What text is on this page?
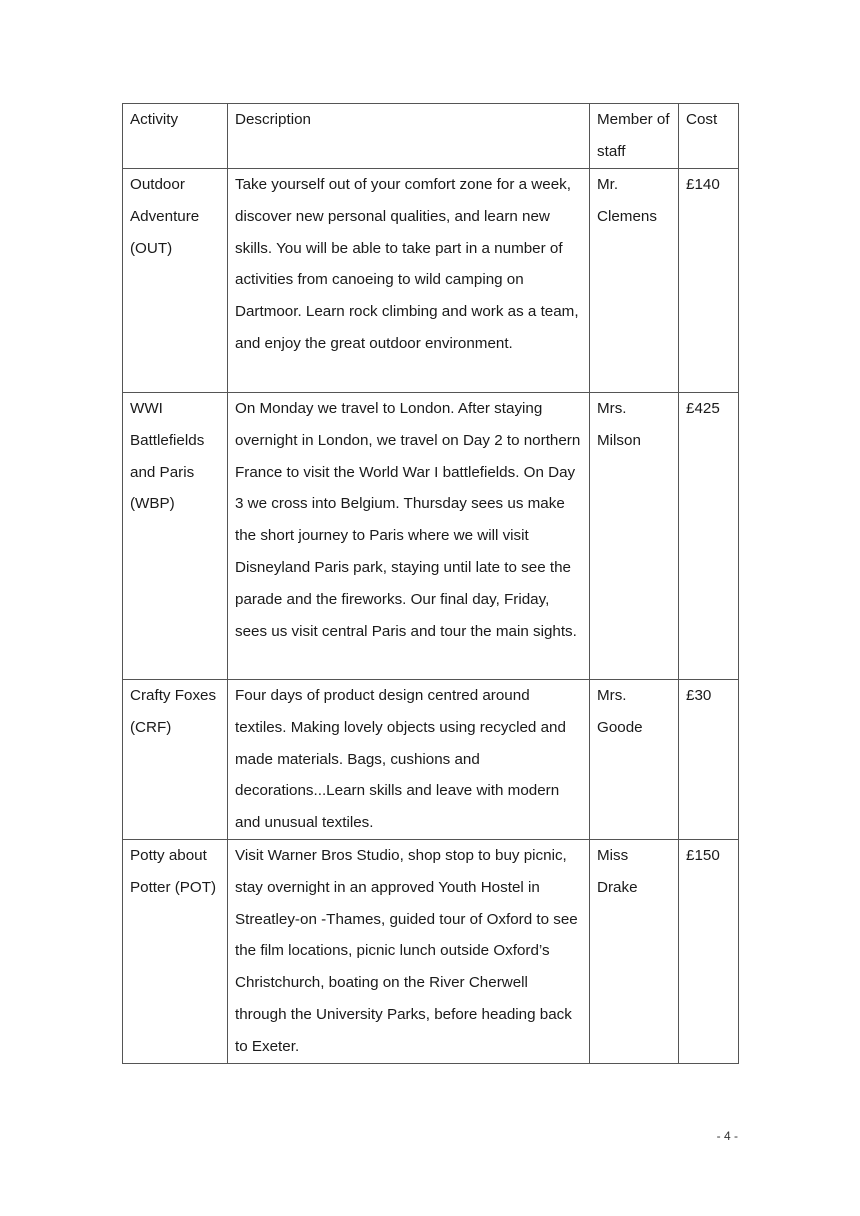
Activity	Description	Member of staff	Cost
Outdoor Adventure (OUT)	Take yourself out of your comfort zone for a week, discover new personal qualities, and learn new skills. You will be able to take part in a number of activities from canoeing to wild camping on Dartmoor. Learn rock climbing and work as a team, and enjoy the great outdoor environment.	Mr. Clemens	£140
WWI Battlefields and Paris (WBP)	On Monday we travel to London. After staying overnight in London, we travel on Day 2 to northern France to visit the World War I battlefields. On Day 3 we cross into Belgium. Thursday sees us make the short journey to Paris where we will visit Disneyland Paris park, staying until late to see the parade and the fireworks. Our final day, Friday, sees us visit central Paris and tour the main sights.	Mrs. Milson	£425
Crafty Foxes (CRF)	Four days of product design centred around textiles. Making lovely objects using recycled and made materials. Bags, cushions and decorations...Learn skills and leave with modern and unusual textiles.	Mrs. Goode	£30
Potty about Potter (POT)	Visit Warner Bros Studio, shop stop to buy picnic, stay overnight in an approved Youth Hostel in Streatley-on -Thames, guided tour of Oxford to see the film locations, picnic lunch outside Oxford’s Christchurch, boating on the River Cherwell through the University Parks, before heading back to Exeter.	Miss Drake	£150
- 4 -
